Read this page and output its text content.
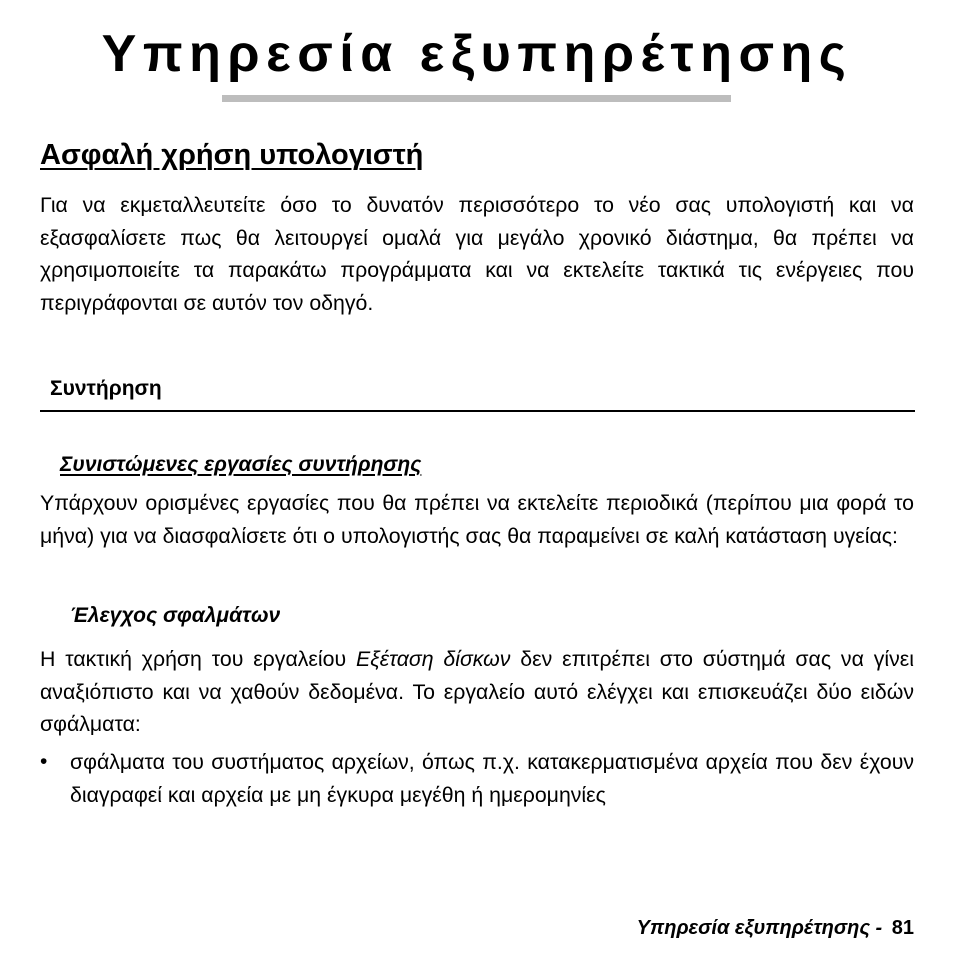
Υπηρεσία εξυπηρέτησης
Ασφαλή χρήση υπολογιστή

Για να εκμεταλλευτείτε όσο το δυνατόν περισσότερο το νέο σας υπολογιστή και να εξασφαλίσετε πως θα λειτουργεί ομαλά για μεγάλο χρονικό διάστημα, θα πρέπει να χρησιμοποιείτε τα παρακάτω προγράμματα και να εκτελείτε τακτικά τις ενέργειες που περιγράφονται σε αυτόν τον οδηγό.

Συντήρηση
Συνιστώμενες εργασίες συντήρησης

Υπάρχουν ορισμένες εργασίες που θα πρέπει να εκτελείτε περιοδικά (περίπου μια φορά το μήνα) για να διασφαλίσετε ότι ο υπολογιστής σας θα παραμείνει σε καλή κατάσταση υγείας:

Έλεγχος σφαλμάτων

Η τακτική χρήση του εργαλείου Εξέταση δίσκων δεν επιτρέπει στο σύστημά σας να γίνει αναξιόπιστο και να χαθούν δεδομένα. Το εργαλείο αυτό ελέγχει και επισκευάζει δύο ειδών σφάλματα:

• σφάλματα του συστήματος αρχείων, όπως π.χ. κατακερματισμένα αρχεία που δεν έχουν διαγραφεί και αρχεία με μη έγκυρα μεγέθη ή ημερομηνίες
Υπηρεσία εξυπηρέτησης - 81
